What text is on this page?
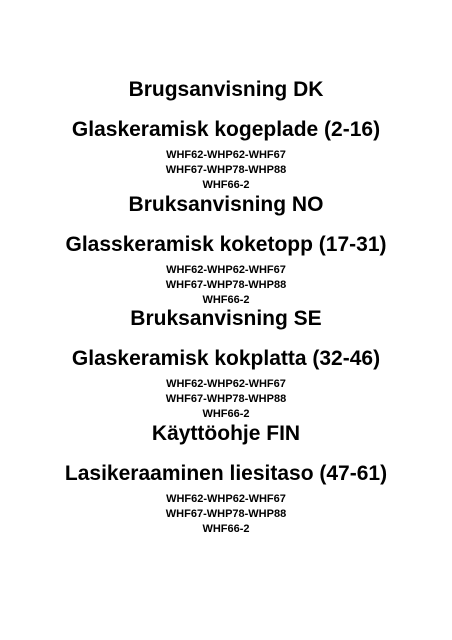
Brugsanvisning DK
Glaskeramisk kogeplade (2-16)
WHF62-WHP62-WHF67
WHF67-WHP78-WHP88
WHF66-2
Bruksanvisning NO
Glasskeramisk koketopp (17-31)
WHF62-WHP62-WHF67
WHF67-WHP78-WHP88
WHF66-2
Bruksanvisning SE
Glaskeramisk kokplatta (32-46)
WHF62-WHP62-WHF67
WHF67-WHP78-WHP88
WHF66-2
Käyttöohje FIN
Lasikeraaminen liesitaso (47-61)
WHF62-WHP62-WHF67
WHF67-WHP78-WHP88
WHF66-2
